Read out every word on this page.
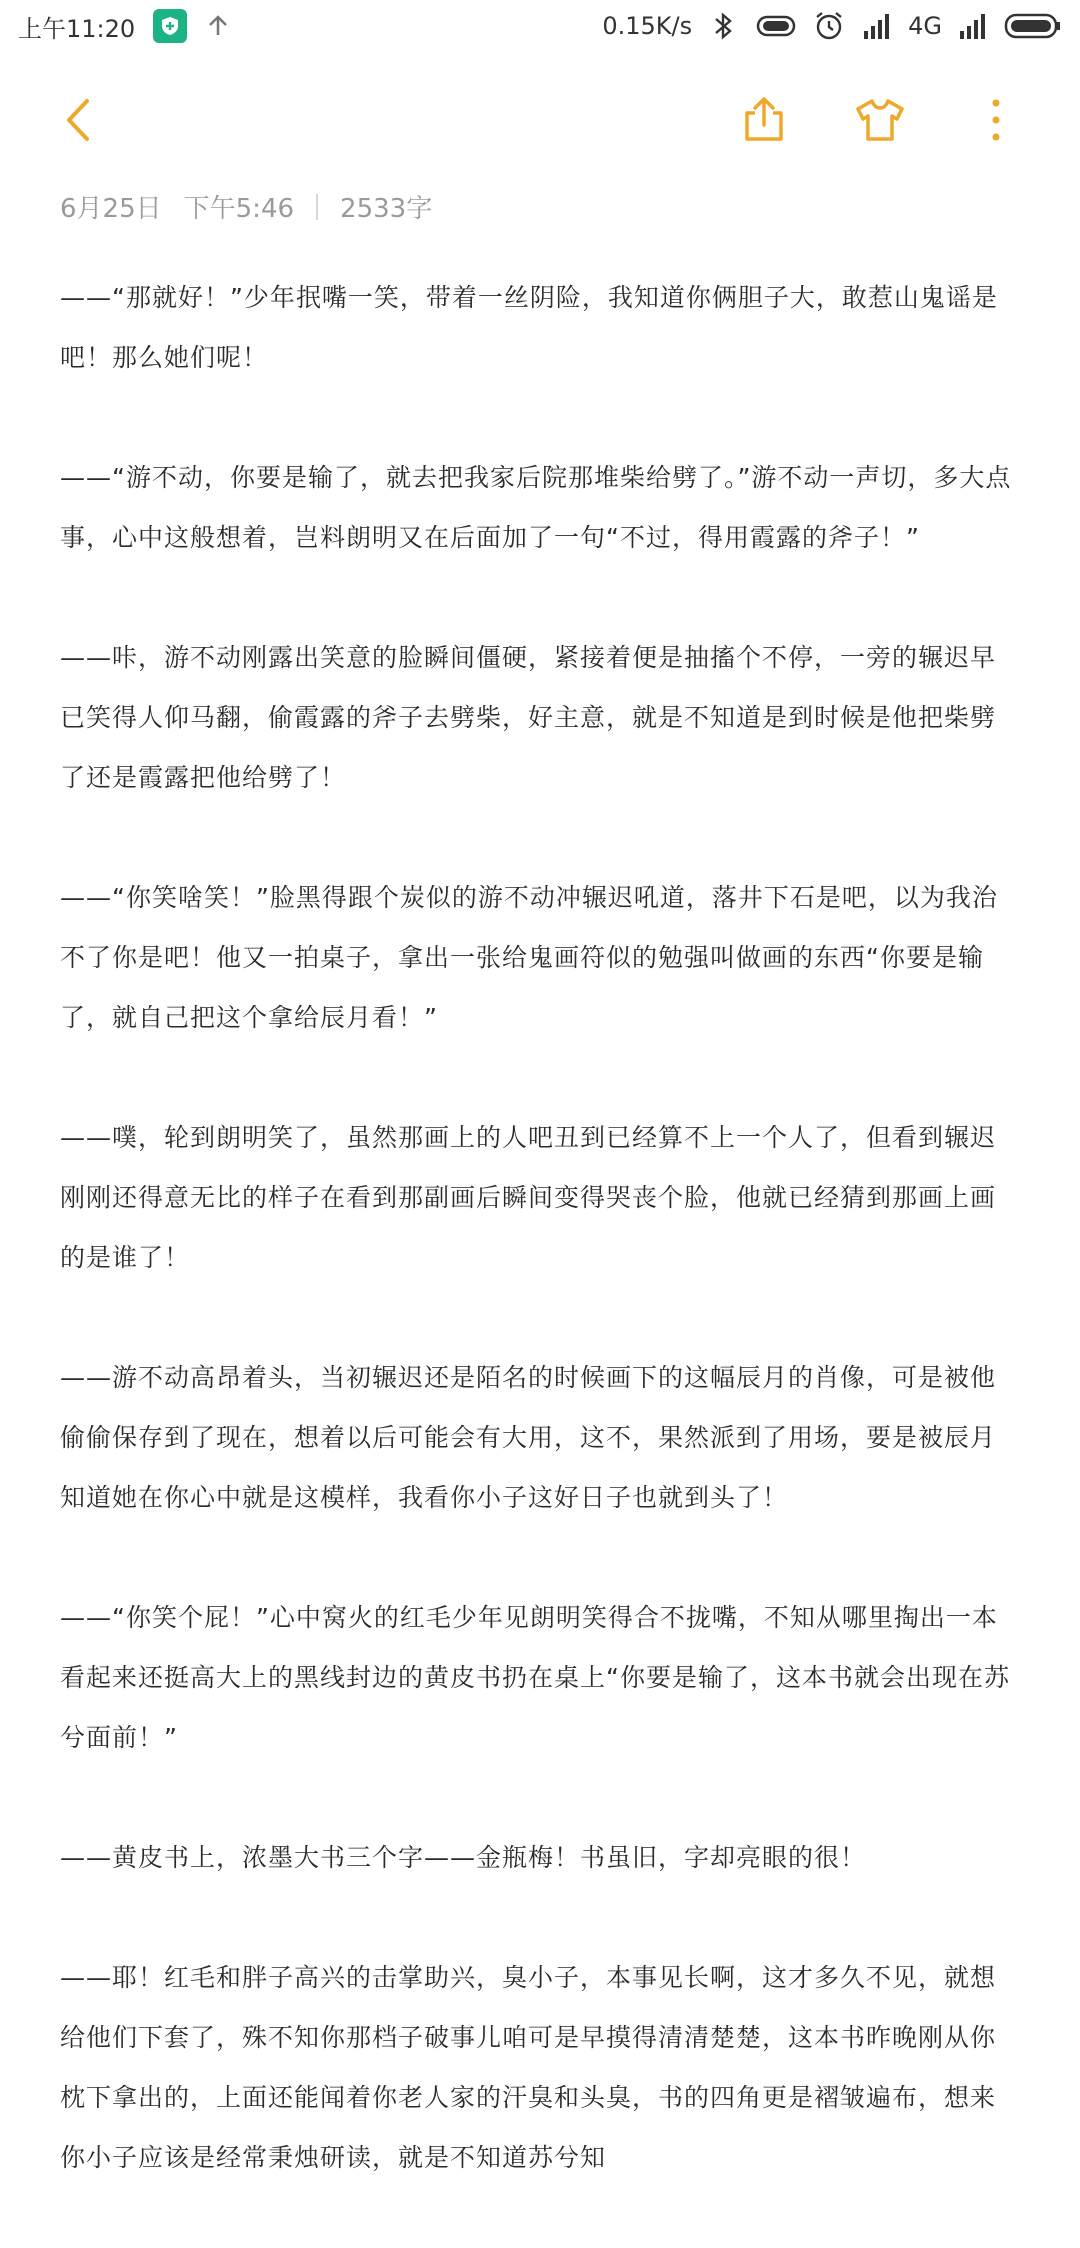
上午11:20	0.15K/s	4G
6月25日 下午5:46 2533字

——“那就好！”少年抿嘴一笑，带着一丝阴险，我知道你俩胆子大，敢惹山鬼谣是吧！那么她们呢！

——“游不动，你要是输了，就去把我家后院那堆柴给劈了。”游不动一声切，多大点事，心中这般想着，岂料朗明又在后面加了一句“不过，得用霞露的斧子！”

——咔，游不动刚露出笑意的脸瞬间僵硬，紧接着便是抽搐个不停，一旁的辗迟早已笑得人仰马翻，偷霞露的斧子去劈柴，好主意，就是不知道是到时候是他把柴劈了还是霞露把他给劈了！

——“你笑啥笑！”脸黑得跟个炭似的游不动冲辗迟吼道，落井下石是吧，以为我治不了你是吧！他又一拍桌子，拿出一张给鬼画符似的勉强叫做画的东西“你要是输了，就自己把这个拿给辰月看！”

——噗，轮到朗明笑了，虽然那画上的人吧丑到已经算不上一个人了，但看到辗迟刚刚还得意无比的样子在看到那副画后瞬间变得哭丧个脸，他就已经猜到那画上画的是谁了！

——游不动高昂着头，当初辗迟还是陌名的时候画下的这幅辰月的肖像，可是被他偷偷保存到了现在，想着以后可能会有大用，这不，果然派到了用场，要是被辰月知道她在你心中就是这模样，我看你小子这好日子也就到头了！

——“你笑个屁！”心中窝火的红毛少年见朗明笑得合不拢嘴，不知从哪里掏出一本看起来还挺高大上的黑线封边的黄皮书扔在桌上“你要是输了，这本书就会出现在苏兮面前！”

——黄皮书上，浓墨大书三个字——金瓶梅！书虽旧，字却亮眼的很！

——耶！红毛和胖子高兴的击掌助兴，臭小子，本事见长啊，这才多久不见，就想给他们下套了，殊不知你那档子破事儿咱可是早摸得清清楚楚，这本书昨晚刚从你枕下拿出的，上面还能闻着你老人家的汗臭和头臭，书的四角更是褶皱遍布，想来你小子应该是经常秉烛研读，就是不知道苏兮知
